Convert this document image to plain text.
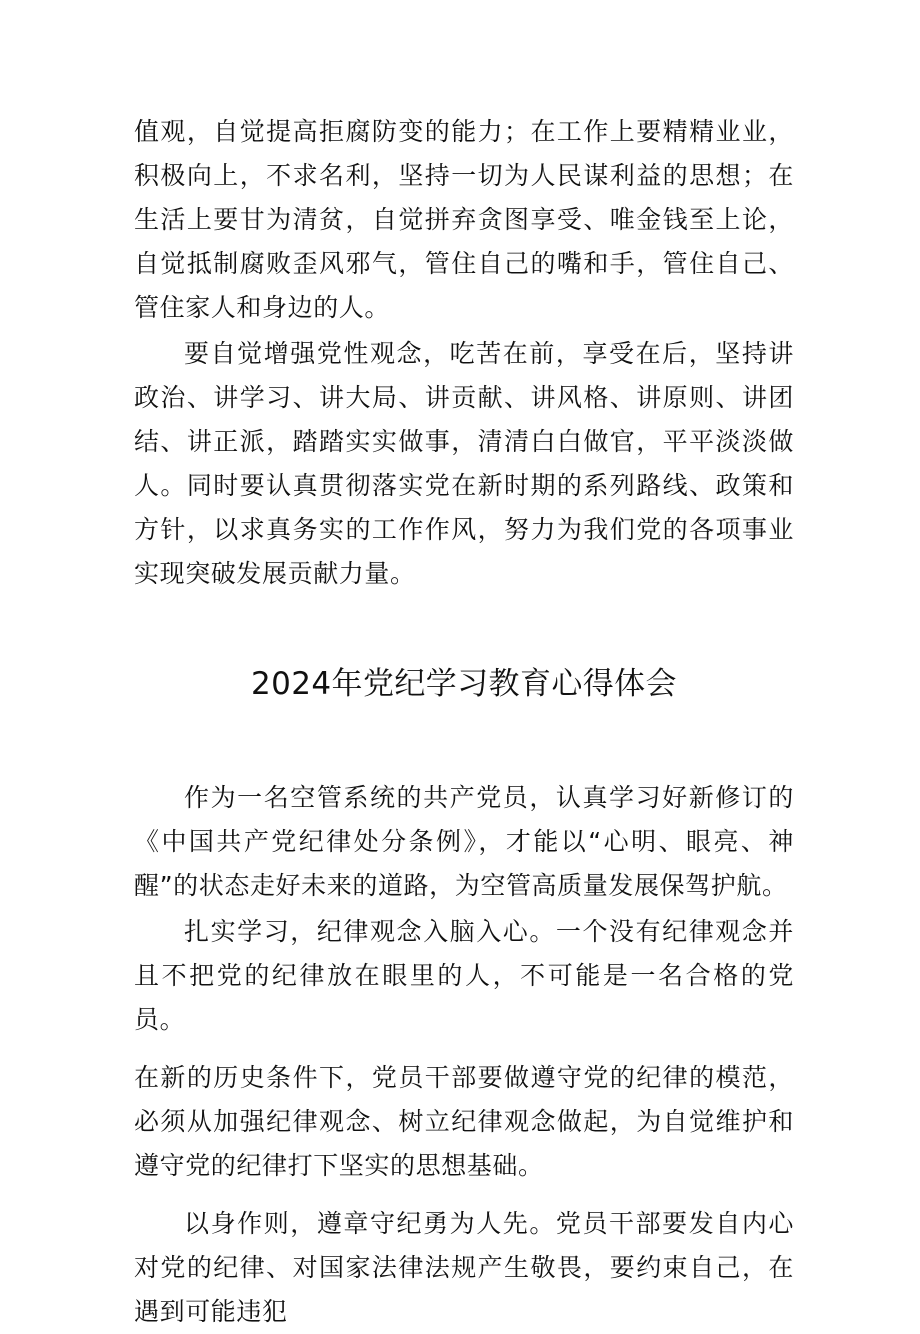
值观，自觉提高拒腐防变的能力；在工作上要精精业业，积极向上，不求名利，坚持一切为人民谋利益的思想；在生活上要甘为清贫，自觉拼弃贪图享受、唯金钱至上论，自觉抵制腐败歪风邪气，管住自己的嘴和手，管住自己、管住家人和身边的人。

要自觉增强党性观念，吃苦在前，享受在后，坚持讲政治、讲学习、讲大局、讲贡献、讲风格、讲原则、讲团结、讲正派，踏踏实实做事，清清白白做官，平平淡淡做人。同时要认真贯彻落实党在新时期的系列路线、政策和方针，以求真务实的工作作风，努力为我们党的各项事业实现突破发展贡献力量。

2024年党纪学习教育心得体会

作为一名空管系统的共产党员，认真学习好新修订的《中国共产党纪律处分条例》，才能以“心明、眼亮、神醒”的状态走好未来的道路，为空管高质量发展保驾护航。

扎实学习，纪律观念入脑入心。一个没有纪律观念并且不把党的纪律放在眼里的人，不可能是一名合格的党员。

在新的历史条件下，党员干部要做遵守党的纪律的模范，必须从加强纪律观念、树立纪律观念做起，为自觉维护和遵守党的纪律打下坚实的思想基础。

以身作则，遵章守纪勇为人先。党员干部要发自内心对党的纪律、对国家法律法规产生敬畏，要约束自己，在遇到可能违犯
